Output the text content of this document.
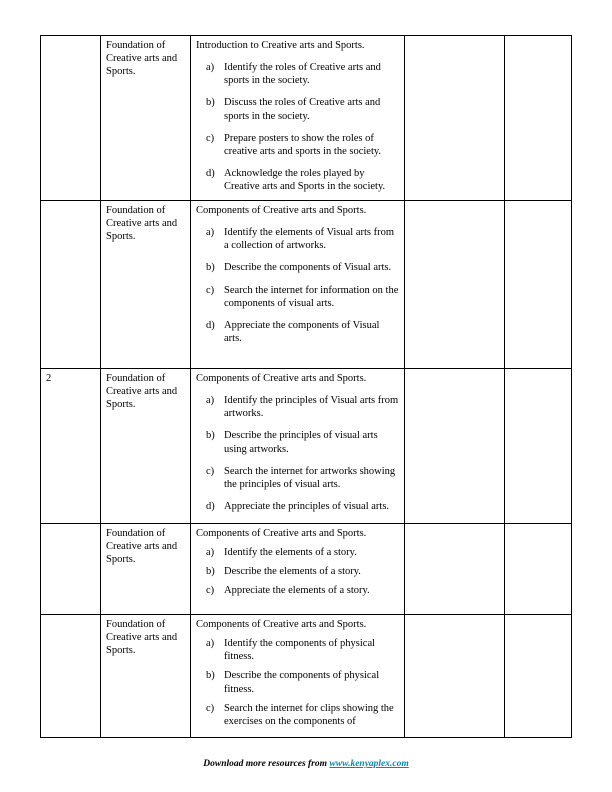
	Foundation of Creative arts and Sports.	
Introduction to Creative arts and Sports.
a) Identify the roles of Creative arts and sports in the society.
b) Discuss the roles of Creative arts and sports in the society.
c) Prepare posters to show the roles of creative arts and sports in the society.
d) Acknowledge the roles played by Creative arts and Sports in the society.

	Foundation of Creative arts and Sports.	
Components of Creative arts and Sports.
a) Identify the elements of Visual arts from a collection of artworks.
b) Describe the components of Visual arts.
c) Search the internet for information on the components of visual arts.
d) Appreciate the components of Visual arts.

2	Foundation of Creative arts and Sports.	
Components of Creative arts and Sports.
a) Identify the principles of Visual arts from artworks.
b) Describe the principles of visual arts using artworks.
c) Search the internet for artworks showing the principles of visual arts.
d) Appreciate the principles of visual arts.

	Foundation of Creative arts and Sports.	
Components of Creative arts and Sports.
a) Identify the elements of a story.
b) Describe the elements of a story.
c) Appreciate the elements of a story.

	Foundation of Creative arts and Sports.	
Components of Creative arts and Sports.
a) Identify the components of physical fitness.
b) Describe the components of physical fitness.
c) Search the internet for clips showing the exercises on the components of

Download more resources from www.kenyaplex.com
